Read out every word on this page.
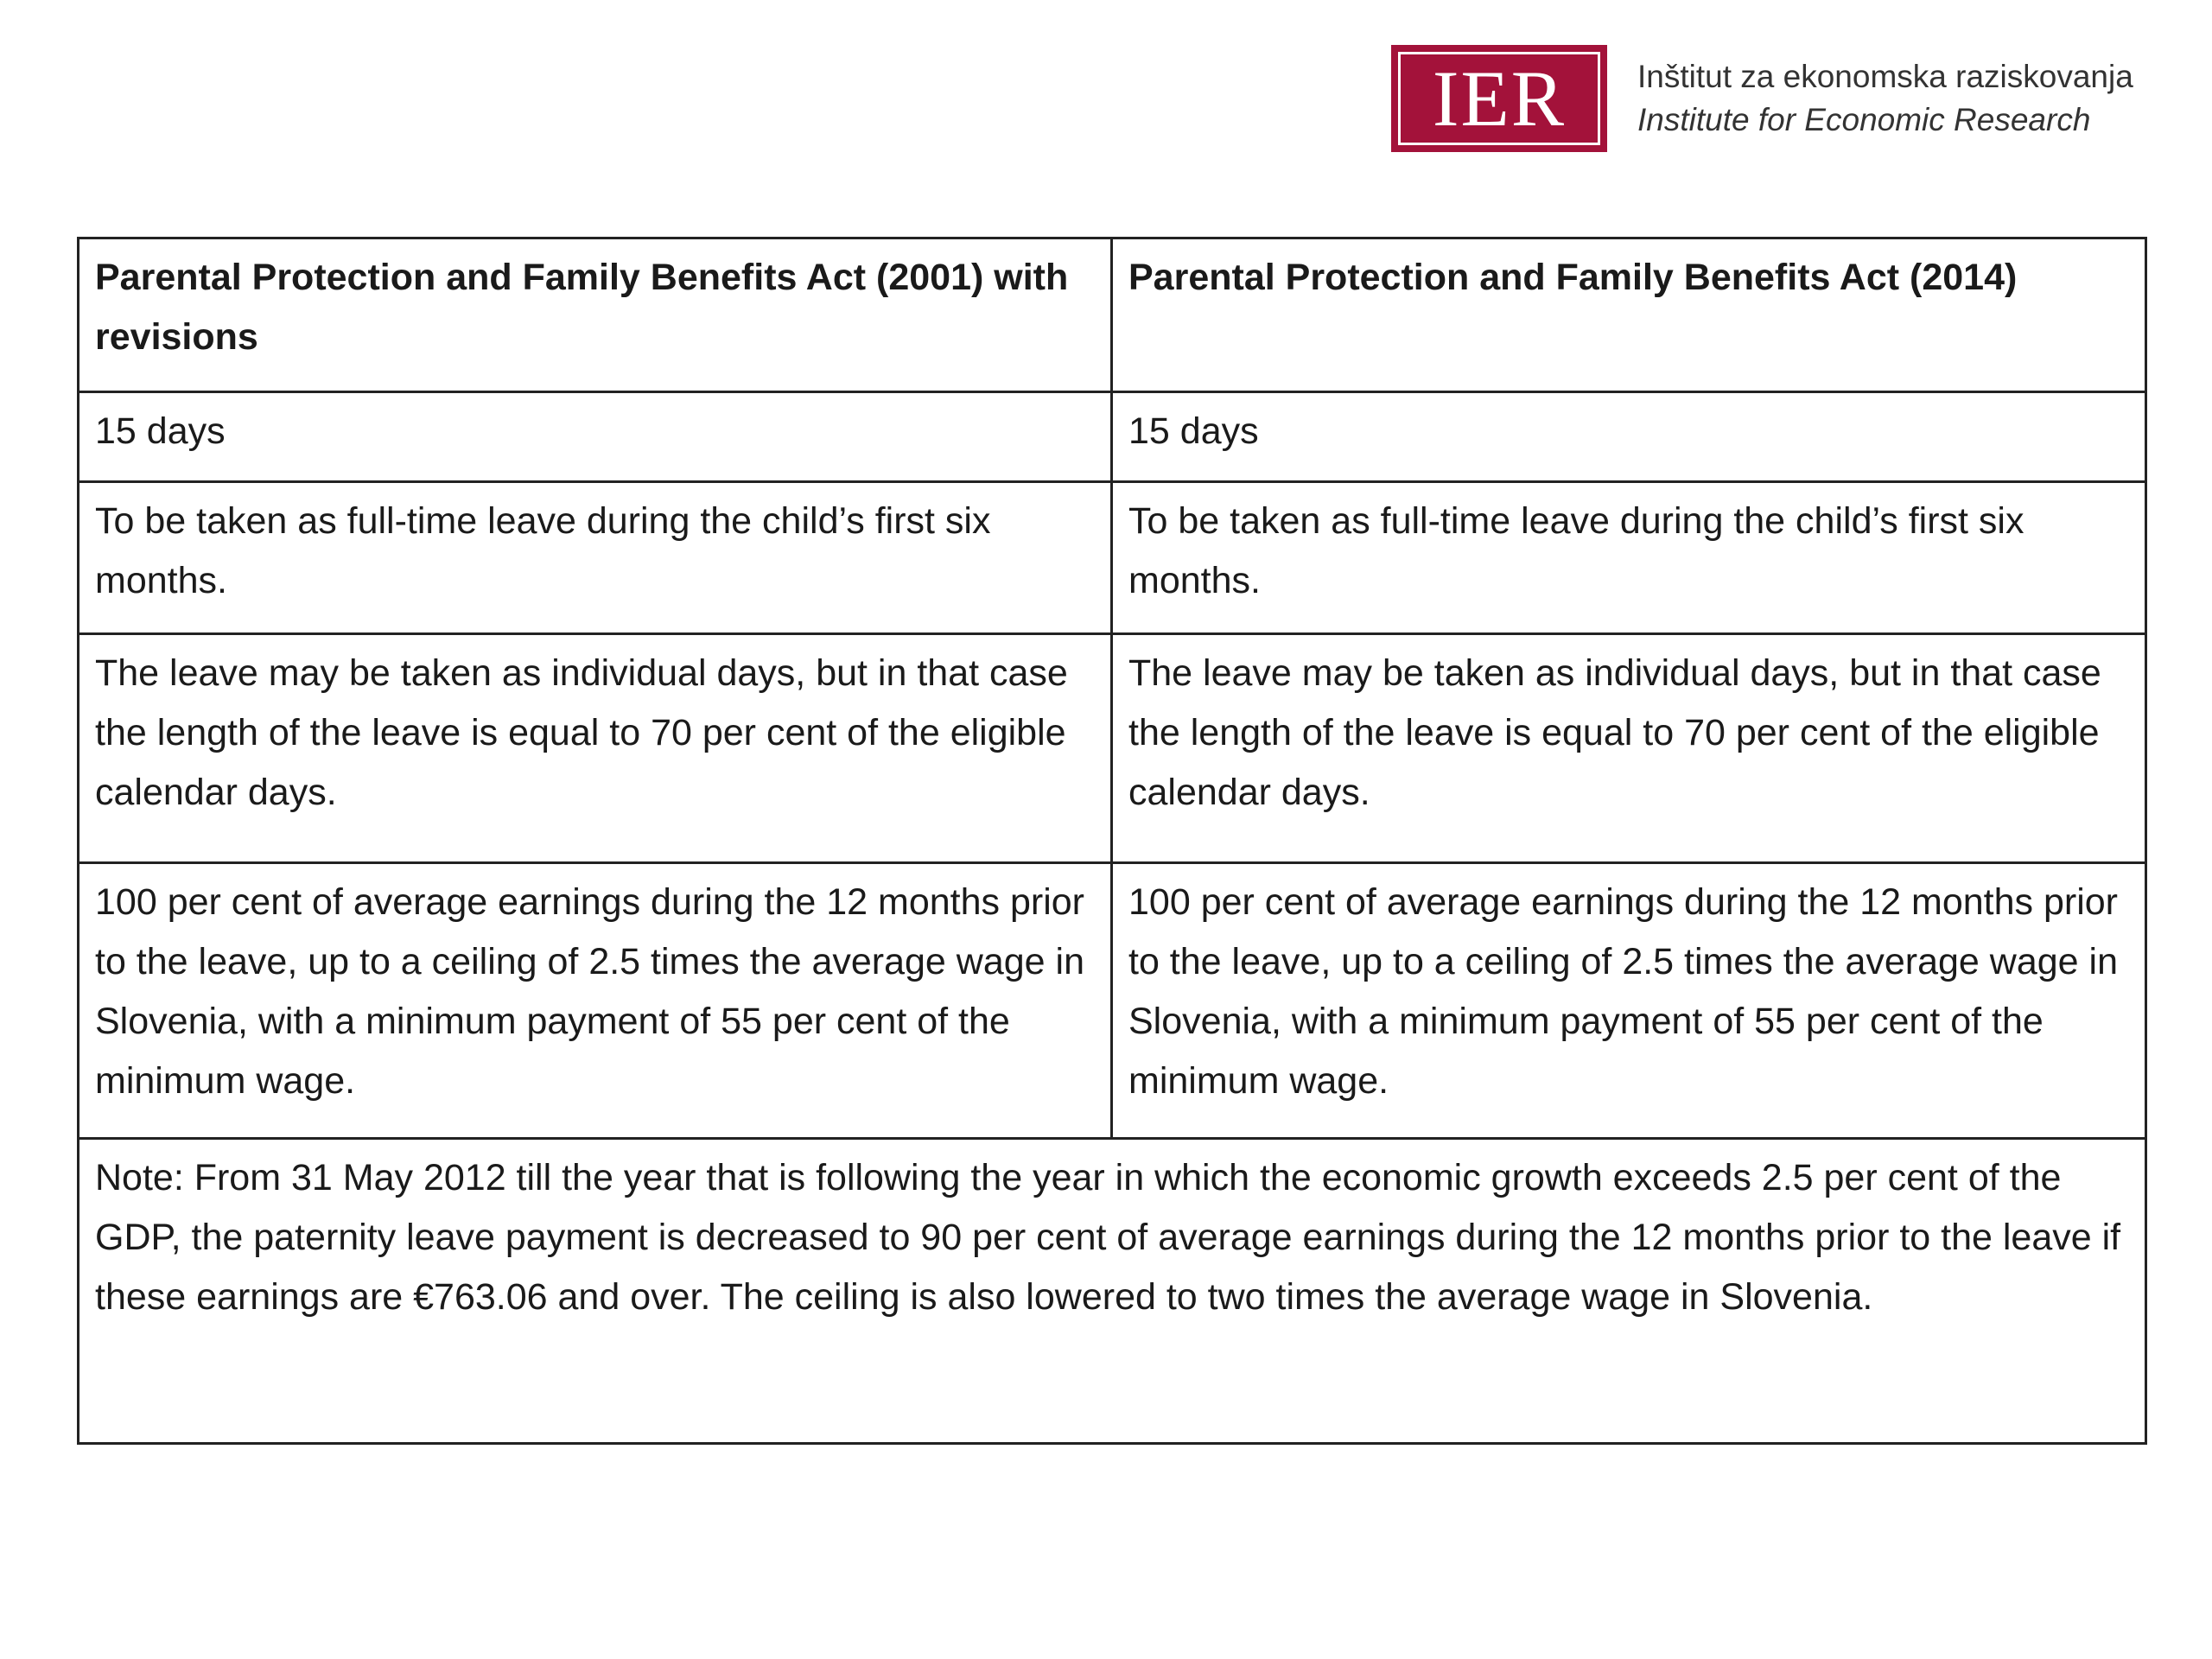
IER Inštitut za ekonomska raziskovanja
Institute for Economic Research
Parental Protection and Family Benefits Act (2001) with revisions	Parental Protection and Family Benefits Act (2014)
15 days	15 days
To be taken as full-time leave during the child’s first six months.	To be taken as full-time leave during the child’s first six months.
The leave may be taken as individual days, but in that case the length of the leave is equal to 70 per cent of the eligible calendar days.	The leave may be taken as individual days, but in that case the length of the leave is equal to 70 per cent of the eligible calendar days.
100 per cent of average earnings during the 12 months prior to the leave, up to a ceiling of 2.5 times the average wage in Slovenia, with a minimum payment of 55 per cent of the minimum wage.	100 per cent of average earnings during the 12 months prior to the leave, up to a ceiling of 2.5 times the average wage in Slovenia, with a minimum payment of 55 per cent of the minimum wage.
Note: From 31 May 2012 till the year that is following the year in which the economic growth exceeds 2.5 per cent of the GDP, the paternity leave payment is decreased to 90 per cent of average earnings during the 12 months prior to the leave if these earnings are €763.06 and over. The ceiling is also lowered to two times the average wage in Slovenia.	
